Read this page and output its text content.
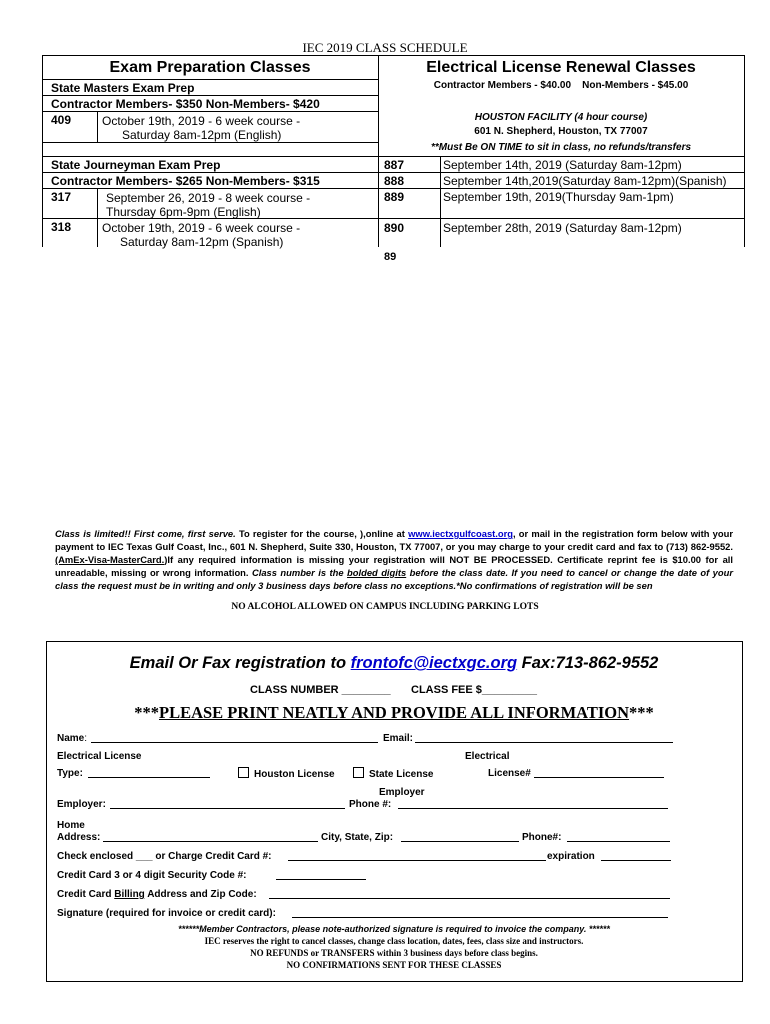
IEC 2019 CLASS SCHEDULE
Exam Preparation Classes
State Masters Exam Prep
Contractor Members- $350 Non-Members- $420
409	October 19th, 2019 - 6 week course -
Saturday 8am-12pm (English)
State Journeyman Exam Prep
Contractor Members- $265 Non-Members- $315
317	September 26, 2019 - 8 week course -
Thursday 6pm-9pm (English)
318	October 19th, 2019 - 6 week course -
Saturday 8am-12pm (Spanish)
Electrical License Renewal Classes
Contractor Members - $40.00    Non-Members - $45.00
HOUSTON FACILITY (4 hour course)
601 N. Shepherd, Houston, TX 77007
**Must Be ON TIME to sit in class, no refunds/transfers
887	September 14th, 2019 (Saturday 8am-12pm)
888	September 14th,2019(Saturday 8am-12pm)(Spanish)
889	September 19th, 2019(Thursday 9am-1pm)
890	September 28th, 2019 (Saturday 8am-12pm)
89
Class is limited!! First come, first serve. To register for the course, ),online at www.iectxgulfcoast.org, or mail in the registration form below with your payment to IEC Texas Gulf Coast, Inc., 601 N. Shepherd, Suite 330, Houston, TX 77007, or you may charge to your credit card and fax to (713) 862-9552. (AmEx-Visa-MasterCard.)If any required information is missing your registration will NOT BE PROCESSED. Certificate reprint fee is $10.00 for all unreadable, missing or wrong information. Class number is the bolded digits before the class date. If you need to cancel or change the date of your class the request must be in writing and only 3 business days before class no exceptions.*No confirmations of registration will be sen
NO ALCOHOL ALLOWED ON CAMPUS INCLUDING PARKING LOTS
Email Or Fax registration to frontofc@iectxgc.org Fax:713-862-9552
CLASS NUMBER ________ CLASS FEE $_________
***PLEASE PRINT NEATLY AND PROVIDE ALL INFORMATION***
Name:	Email:
Electrical License	Electrical
Type:	Houston License	State License	License#
Employer
Employer:	Phone #:
Home
Address:	City, State, Zip:	Phone#:
Check enclosed ___ or Charge Credit Card #:	expiration
Credit Card 3 or 4 digit Security Code #:
Credit Card Billing Address and Zip Code:
Signature (required for invoice or credit card):
******Member Contractors, please note-authorized signature is required to invoice the company. ******
IEC reserves the right to cancel classes, change class location, dates, fees, class size and instructors.
NO REFUNDS or TRANSFERS within 3 business days before class begins.
NO CONFIRMATIONS SENT FOR THESE CLASSES
